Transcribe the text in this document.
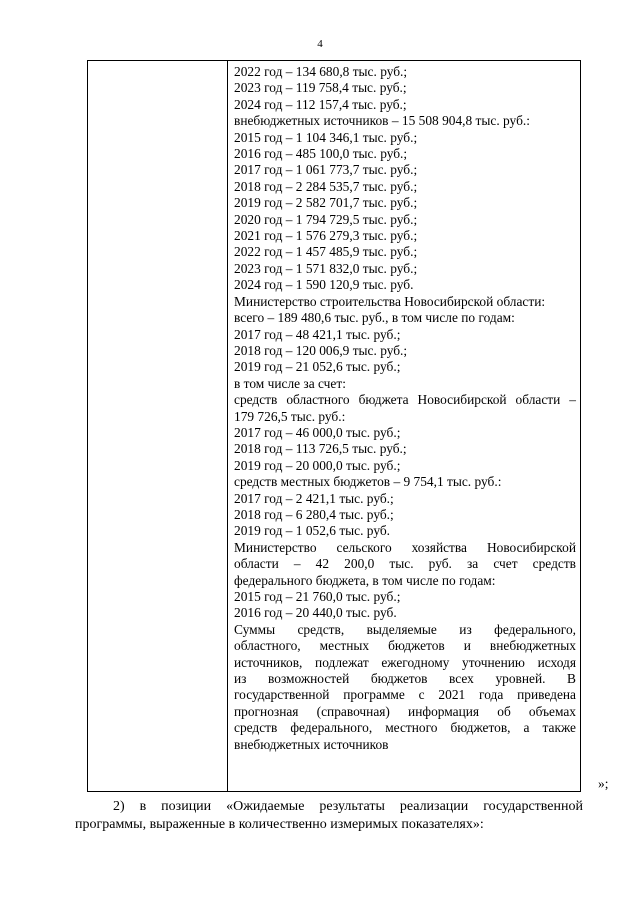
4
2022 год – 134 680,8 тыс. руб.;
2023 год – 119 758,4 тыс. руб.;
2024 год – 112 157,4 тыс. руб.;
внебюджетных источников – 15 508 904,8 тыс. руб.:
2015 год – 1 104 346,1 тыс. руб.;
2016 год – 485 100,0 тыс. руб.;
2017 год – 1 061 773,7 тыс. руб.;
2018 год – 2 284 535,7 тыс. руб.;
2019 год – 2 582 701,7 тыс. руб.;
2020 год – 1 794 729,5 тыс. руб.;
2021 год – 1 576 279,3 тыс. руб.;
2022 год – 1 457 485,9 тыс. руб.;
2023 год – 1 571 832,0 тыс. руб.;
2024 год – 1 590 120,9 тыс. руб.
Министерство строительства Новосибирской области:
всего – 189 480,6 тыс. руб., в том числе по годам:
2017 год – 48 421,1 тыс. руб.;
2018 год – 120 006,9 тыс. руб.;
2019 год – 21 052,6 тыс. руб.;
в том числе за счет:
средств областного бюджета Новосибирской области –
179 726,5 тыс. руб.:
2017 год – 46 000,0 тыс. руб.;
2018 год – 113 726,5 тыс. руб.;
2019 год – 20 000,0 тыс. руб.;
средств местных бюджетов – 9 754,1 тыс. руб.:
2017 год – 2 421,1 тыс. руб.;
2018 год – 6 280,4 тыс. руб.;
2019 год – 1 052,6 тыс. руб.
Министерство сельского хозяйства Новосибирской
области – 42 200,0 тыс. руб. за счет средств
федерального бюджета, в том числе по годам:
2015 год – 21 760,0 тыс. руб.;
2016 год – 20 440,0 тыс. руб.
Суммы средств, выделяемые из федерального,
областного, местных бюджетов и внебюджетных
источников, подлежат ежегодному уточнению исходя
из возможностей бюджетов всех уровней. В
государственной программе с 2021 года приведена
прогнозная (справочная) информация об объемах
средств федерального, местного бюджетов, а также
внебюджетных источников
»;
2) в позиции «Ожидаемые результаты реализации государственной
программы, выраженные в количественно измеримых показателях»:
